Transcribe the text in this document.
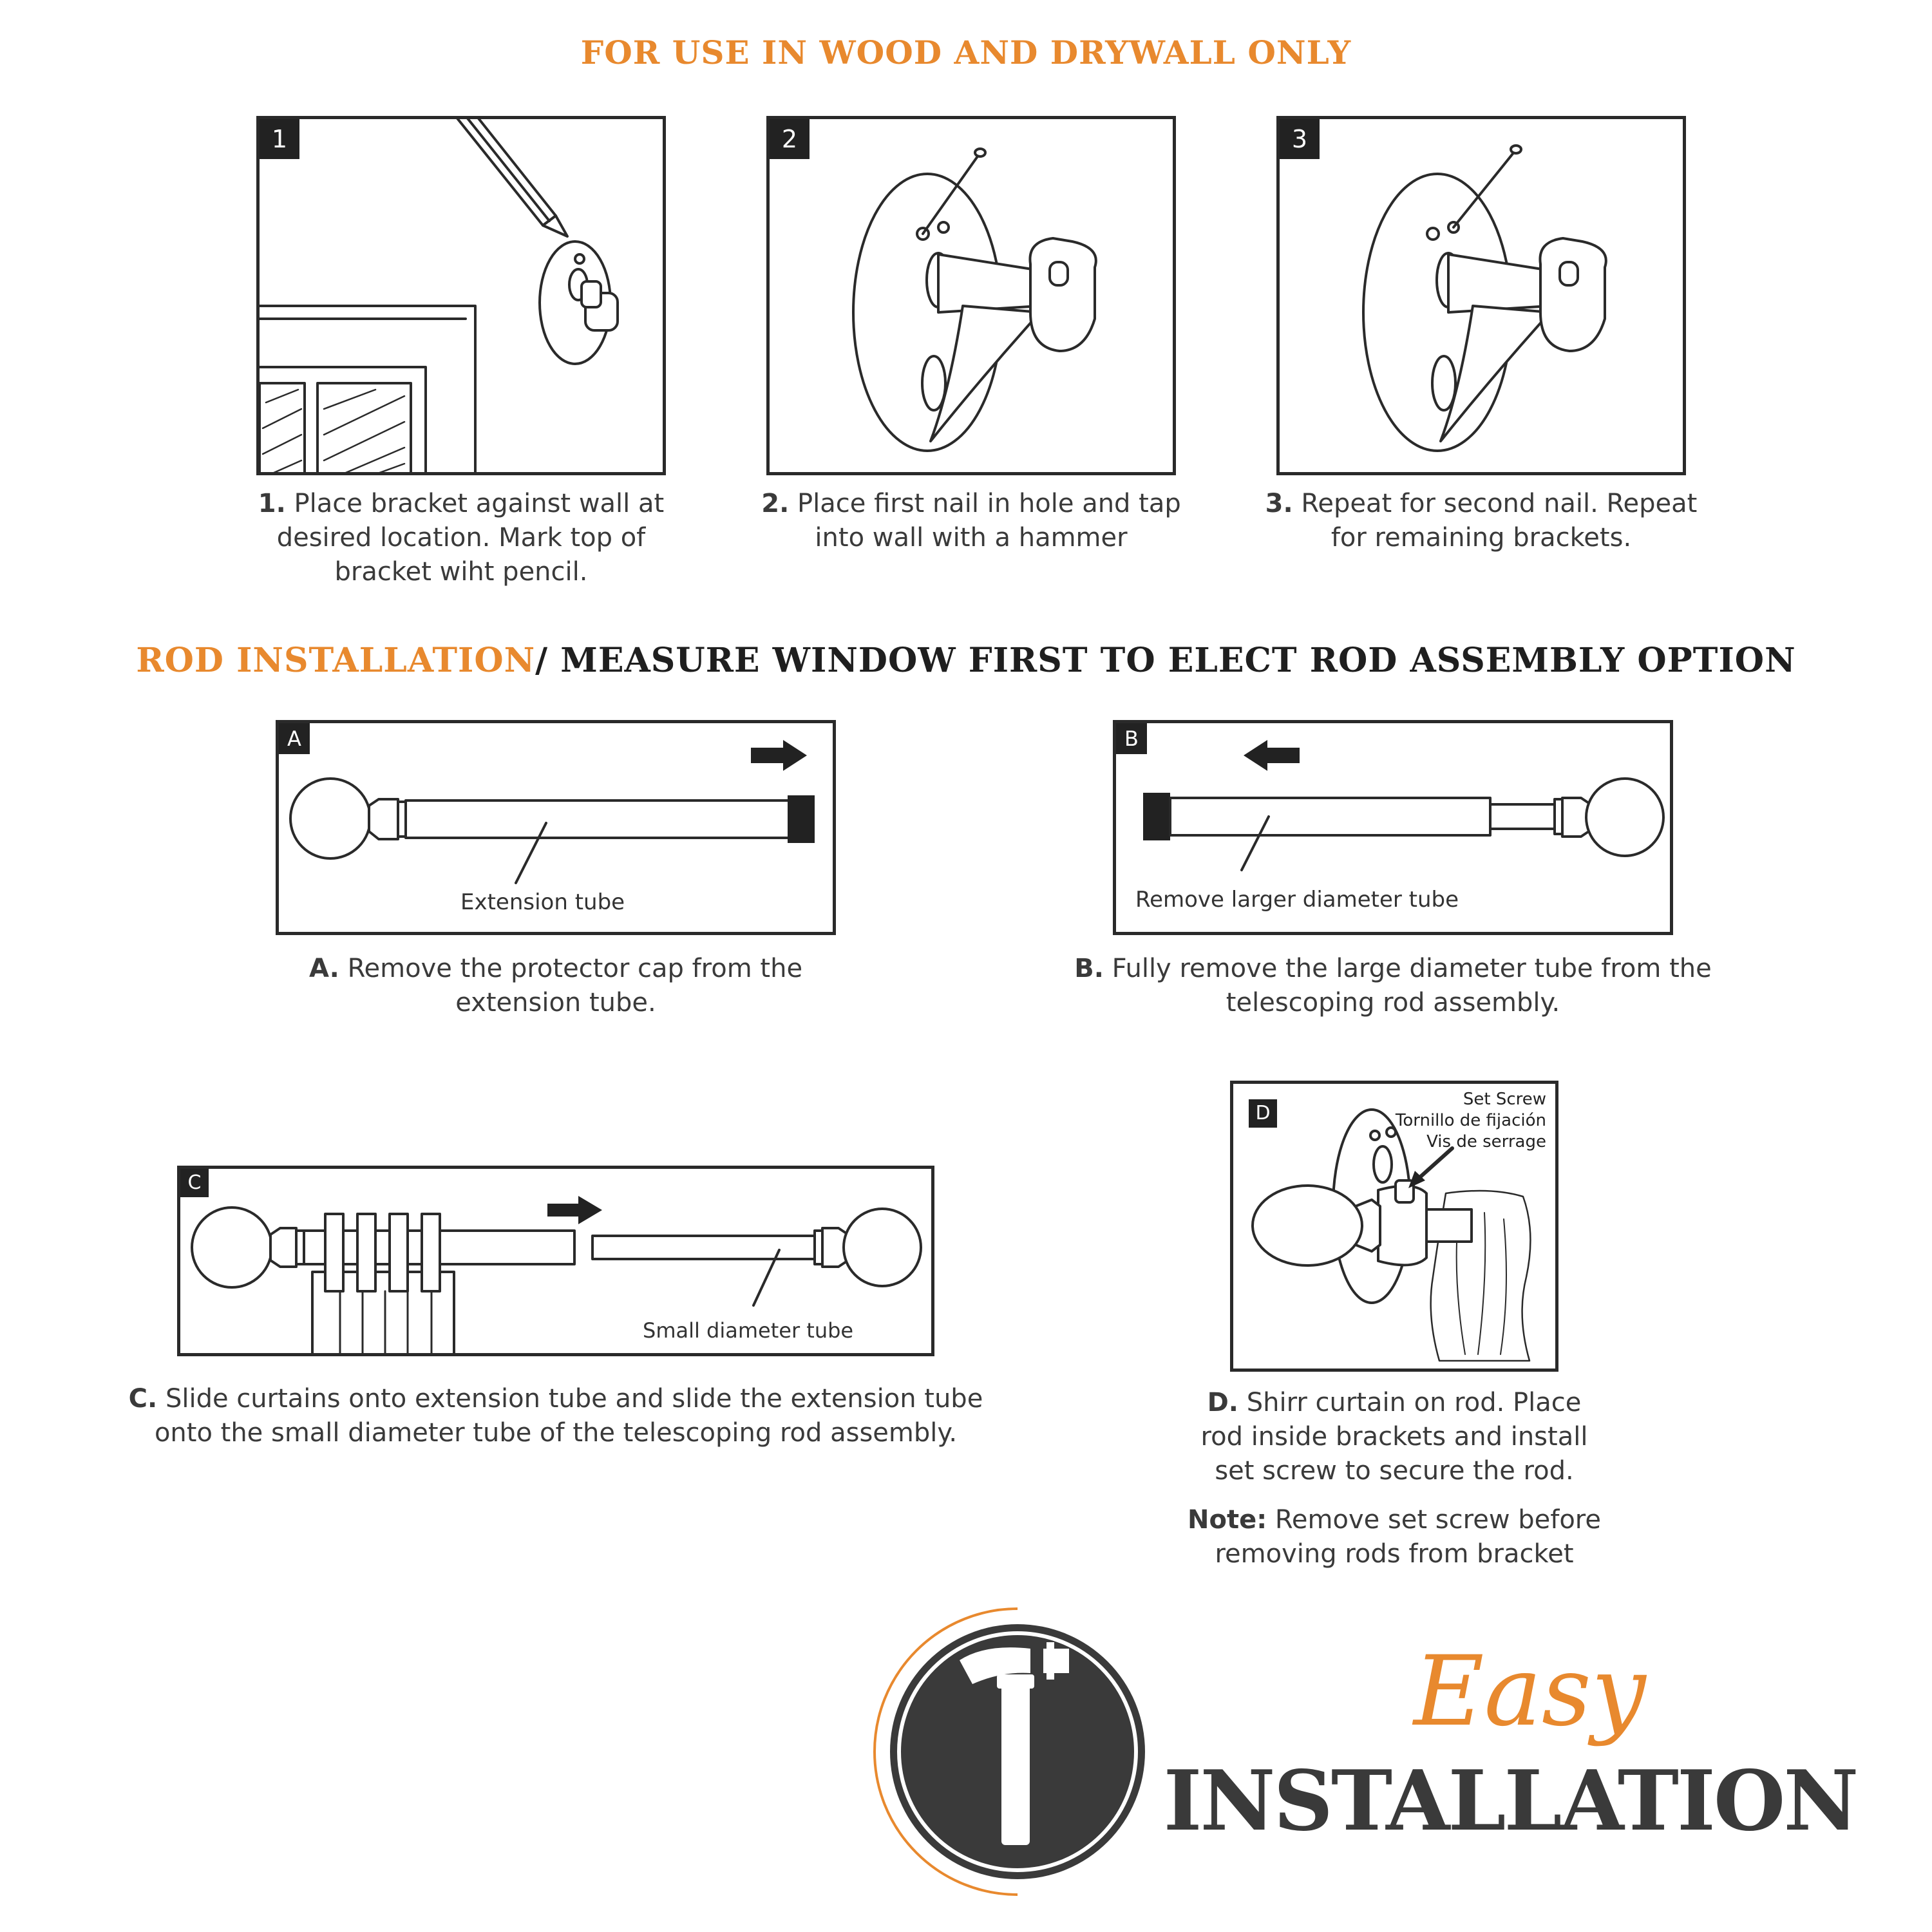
FOR USE IN WOOD AND DRYWALL ONLY
1
1. Place bracket against wall at desired location. Mark top of bracket wiht pencil.
2
2. Place first nail in hole and tap into wall with a hammer
3
3. Repeat for second nail. Repeat for remaining brackets.
ROD INSTALLATION/ MEASURE WINDOW FIRST TO ELECT ROD ASSEMBLY OPTION
A
Extension tube
A. Remove the protector cap from the extension tube.
B
Remove larger diameter tube
B. Fully remove the large diameter tube from the telescoping rod assembly.
C
Small diameter tube
C. Slide curtains onto extension tube and slide the extension tube onto the small diameter tube of the telescoping rod assembly.
D
Set Screw
Tornillo de fijación
Vis de serrage
D. Shirr curtain on rod. Place rod inside brackets and install set screw to secure the rod.
Note: Remove set screw before removing rods from bracket
Easy
INSTALLATION
